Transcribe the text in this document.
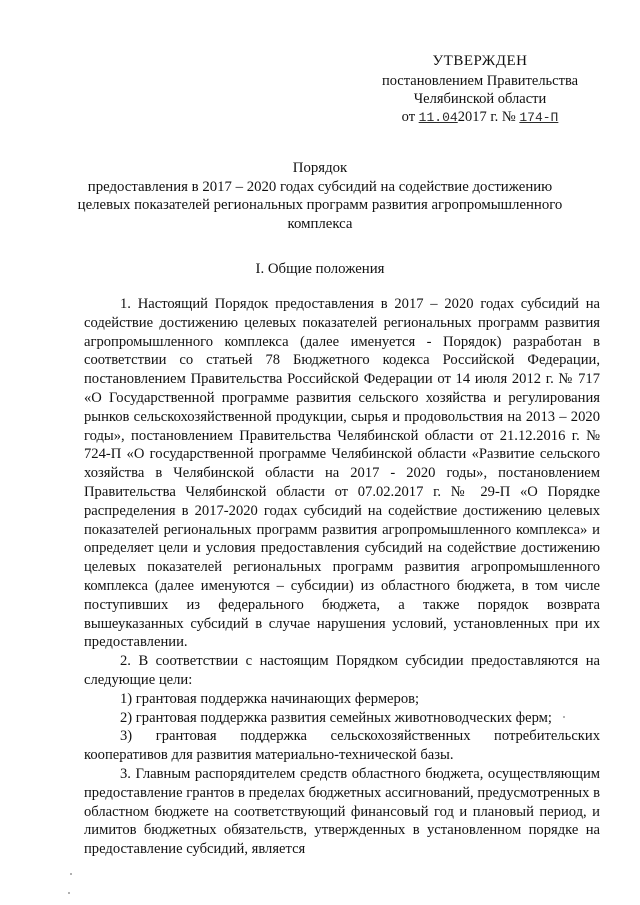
УТВЕРЖДЕН
постановлением Правительства
Челябинской области
от 11.042017 г. № 174-П
Порядок
предоставления в 2017 – 2020 годах субсидий на содействие достижению целевых показателей региональных программ развития агропромышленного комплекса
I. Общие положения

1. Настоящий Порядок предоставления в 2017 – 2020 годах субсидий на содействие достижению целевых показателей региональных программ развития агропромышленного комплекса (далее именуется - Порядок) разработан в соответствии со статьей 78 Бюджетного кодекса Российской Федерации, постановлением Правительства Российской Федерации от 14 июля 2012 г. № 717 «О Государственной программе развития сельского хозяйства и регулирования рынков сельскохозяйственной продукции, сырья и продовольствия на 2013 – 2020 годы», постановлением Правительства Челябинской области от 21.12.2016 г. № 724-П «О государственной программе Челябинской области «Развитие сельского хозяйства в Челябинской области на 2017 - 2020 годы», постановлением Правительства Челябинской области от 07.02.2017 г. № 29-П «О Порядке распределения в 2017-2020 годах субсидий на содействие достижению целевых показателей региональных программ развития агропромышленного комплекса» и определяет цели и условия предоставления субсидий на содействие достижению целевых показателей региональных программ развития агропромышленного комплекса (далее именуются – субсидии) из областного бюджета, в том числе поступивших из федерального бюджета, а также порядок возврата вышеуказанных субсидий в случае нарушения условий, установленных при их предоставлении.

2. В соответствии с настоящим Порядком субсидии предоставляются на следующие цели:

1) грантовая поддержка начинающих фермеров;

2) грантовая поддержка развития семейных животноводческих ферм;

3) грантовая поддержка сельскохозяйственных потребительских кооперативов для развития материально-технической базы.

3. Главным распорядителем средств областного бюджета, осуществляющим предоставление грантов в пределах бюджетных ассигнований, предусмотренных в областном бюджете на соответствующий финансовый год и плановый период, и лимитов бюджетных обязательств, утвержденных в установленном порядке на предоставление субсидий, является
